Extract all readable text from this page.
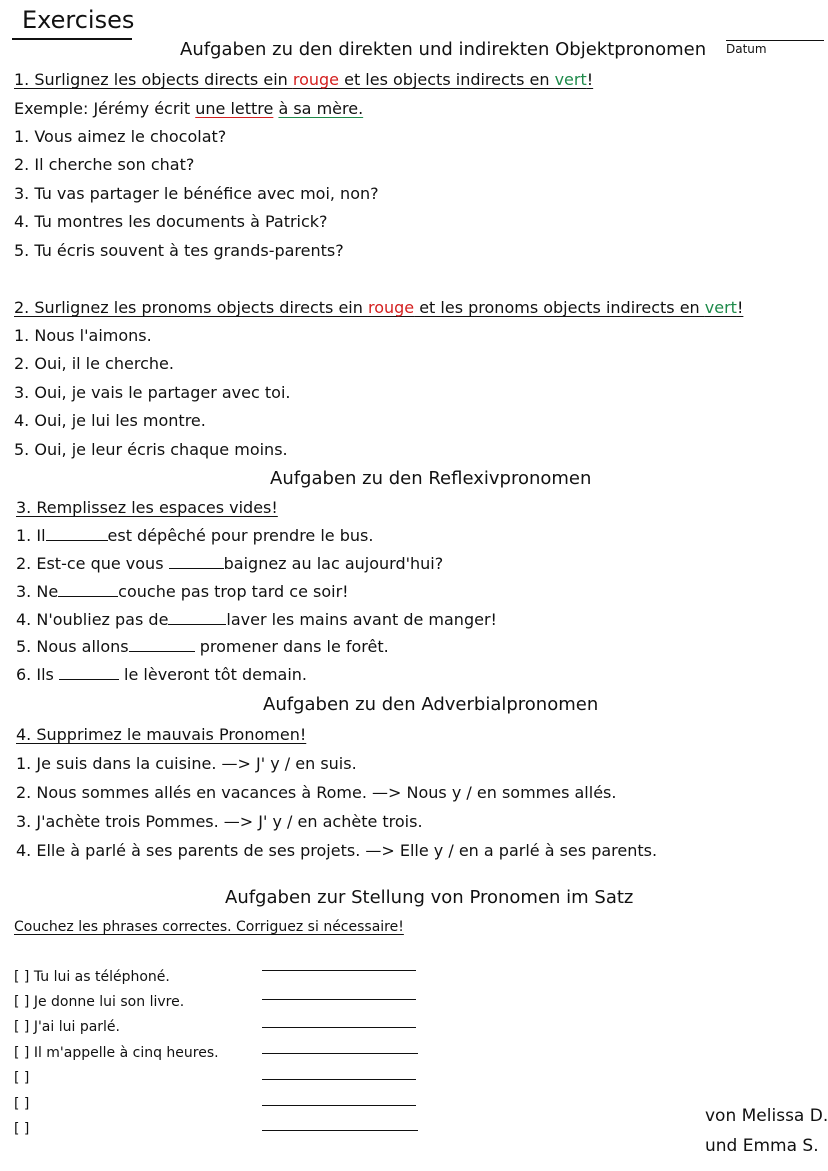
Exercises
Datum
Aufgaben zu den direkten und indirekten Objektpronomen
1. Surlignez les objects directs ein rouge et les objects indirects en vert!
Exemple: Jérémy écrit une lettre à sa mère.
1. Vous aimez le chocolat?
2. Il cherche son chat?
3. Tu vas partager le bénéfice avec moi, non?
4. Tu montres les documents à Patrick?
5. Tu écris souvent à tes grands-parents?
2. Surlignez les pronoms objects directs ein rouge et les pronoms objects indirects en vert!
1. Nous l'aimons.
2. Oui, il le cherche.
3. Oui, je vais le partager avec toi.
4. Oui, je lui les montre.
5. Oui, je leur écris chaque moins.
Aufgaben zu den Reflexivpronomen
3. Remplissez les espaces vides!
1. Il	est dépêché pour prendre le bus.
2. Est-ce que vous	baignez au lac aujourd'hui?
3. Ne	couche pas trop tard ce soir!
4. N'oubliez pas de	laver les mains avant de manger!
5. Nous allons	promener dans le forêt.
6. Ils	le lèveront tôt demain.
Aufgaben zu den Adverbialpronomen
4. Supprimez le mauvais Pronomen!
1. Je suis dans la cuisine. —> J' y / en suis.
2. Nous sommes allés en vacances à Rome. —> Nous y / en sommes allés.
3. J'achète trois Pommes. —> J' y / en achète trois.
4. Elle à parlé à ses parents de ses projets. —> Elle y / en a parlé à ses parents.
Aufgaben zur Stellung von Pronomen im Satz
Couchez les phrases correctes. Corriguez si nécessaire!
[ ] Tu lui as téléphoné.
[ ] Je donne lui son livre.
[ ] J'ai lui parlé.
[ ] Il m'appelle à cinq heures.
[ ]
[ ]
[ ]
von Melissa D.
und Emma S.
